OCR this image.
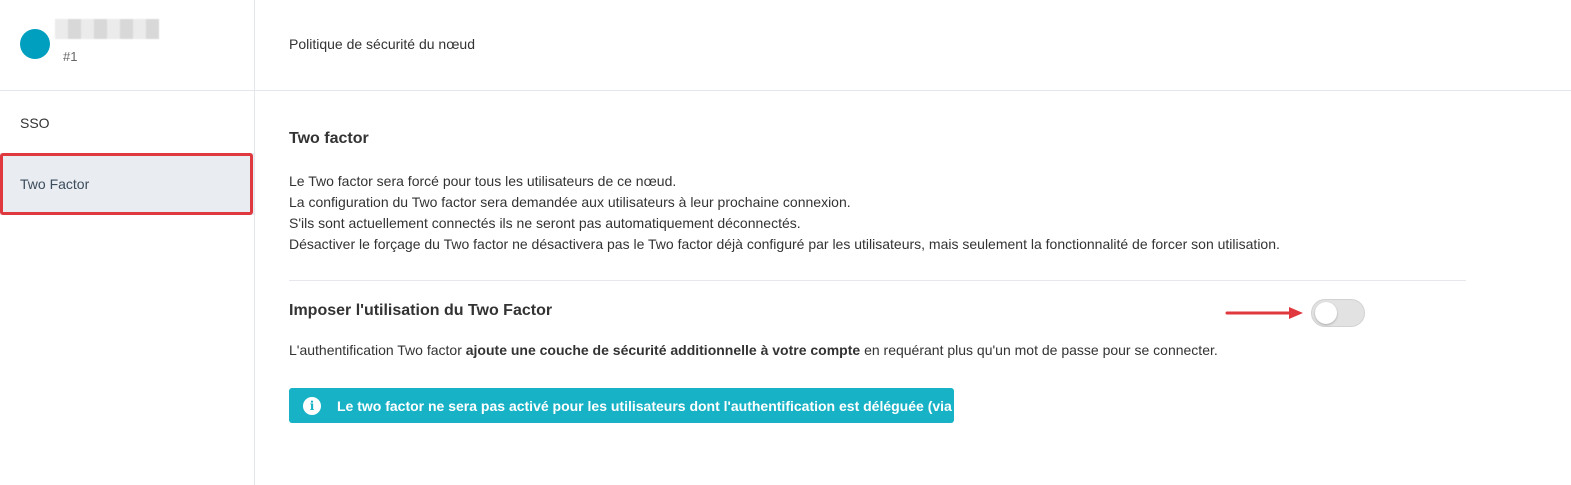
#1
SSO
Two Factor
Politique de sécurité du nœud
Two factor
Le Two factor sera forcé pour tous les utilisateurs de ce nœud.
La configuration du Two factor sera demandée aux utilisateurs à leur prochaine connexion.
S'ils sont actuellement connectés ils ne seront pas automatiquement déconnectés.
Désactiver le forçage du Two factor ne désactivera pas le Two factor déjà configuré par les utilisateurs, mais seulement la fonctionnalité de forcer son utilisation.
Imposer l'utilisation du Two Factor
L'authentification Two factor ajoute une couche de sécurité additionnelle à votre compte en requérant plus qu'un mot de passe pour se connecter.
i	Le two factor ne sera pas activé pour les utilisateurs dont l'authentification est déléguée (via SSO)
